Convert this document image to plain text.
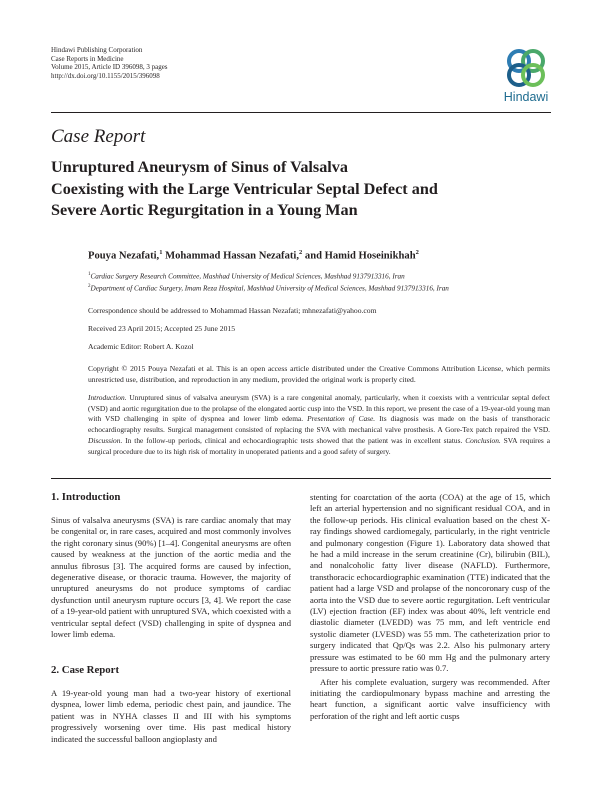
Hindawi Publishing Corporation
Case Reports in Medicine
Volume 2015, Article ID 396098, 3 pages
http://dx.doi.org/10.1155/2015/396098
Hindawi
Case Report
Unruptured Aneurysm of Sinus of Valsalva
Coexisting with the Large Ventricular Septal Defect and
Severe Aortic Regurgitation in a Young Man
Pouya Nezafati,$^1$ Mohammad Hassan Nezafati,$^2$ and Hamid Hoseinikhah$^2$
$^1$Cardiac Surgery Research Committee, Mashhad University of Medical Sciences, Mashhad 9137913316, Iran
$^2$Department of Cardiac Surgery, Imam Reza Hospital, Mashhad University of Medical Sciences, Mashhad 9137913316, Iran
Correspondence should be addressed to Mohammad Hassan Nezafati; mhnezafati@yahoo.com
Received 23 April 2015; Accepted 25 June 2015
Academic Editor: Robert A. Kozol
Copyright © 2015 Pouya Nezafati et al. This is an open access article distributed under the Creative Commons Attribution License, which permits unrestricted use, distribution, and reproduction in any medium, provided the original work is properly cited.
Introduction. Unruptured sinus of valsalva aneurysm (SVA) is a rare congenital anomaly, particularly, when it coexists with a ventricular septal defect (VSD) and aortic regurgitation due to the prolapse of the elongated aortic cusp into the VSD. In this report, we present the case of a 19-year-old young man with VSD challenging in spite of dyspnea and lower limb edema. Presentation of Case. Its diagnosis was made on the basis of transthoracic echocardiography results. Surgical management consisted of replacing the SVA with mechanical valve prosthesis. A Gore-Tex patch repaired the VSD. Discussion. In the follow-up periods, clinical and echocardiographic tests showed that the patient was in excellent status. Conclusion. SVA requires a surgical procedure due to its high risk of mortality in unoperated patients and a good safety of surgery.
1. Introduction

Sinus of valsalva aneurysms (SVA) is rare cardiac anomaly that may be congenital or, in rare cases, acquired and most commonly involves the right coronary sinus (90%) [1–4]. Congenital aneurysms are often caused by weakness at the junction of the aortic media and the annulus fibrosus [3]. The acquired forms are caused by infection, degenerative disease, or thoracic trauma. However, the majority of unruptured aneurysms do not produce symptoms of cardiac dysfunction until aneurysm rupture occurs [3, 4]. We report the case of a 19-year-old patient with unruptured SVA, which coexisted with a ventricular septal defect (VSD) challenging in spite of dyspnea and lower limb edema.

2. Case Report

A 19-year-old young man had a two-year history of exertional dyspnea, lower limb edema, periodic chest pain, and jaundice. The patient was in NYHA classes II and III with his symptoms progressively worsening over time. His past medical history indicated the successful balloon angioplasty and

stenting for coarctation of the aorta (COA) at the age of 15, which left an arterial hypertension and no significant residual COA, and in the follow-up periods. His clinical evaluation based on the chest X-ray findings showed cardiomegaly, particularly, in the right ventricle and pulmonary congestion (Figure 1). Laboratory data showed that he had a mild increase in the serum creatinine (Cr), bilirubin (BIL), and nonalcoholic fatty liver disease (NAFLD). Furthermore, transthoracic echocardiographic examination (TTE) indicated that the patient had a large VSD and prolapse of the noncoronary cusp of the aorta into the VSD due to severe aortic regurgitation. Left ventricular (LV) ejection fraction (EF) index was about 40%, left ventricle end diastolic diameter (LVEDD) was 75 mm, and left ventricle end systolic diameter (LVESD) was 55 mm. The catheterization prior to surgery indicated that Qp/Qs was 2.2. Also his pulmonary artery pressure was estimated to be 60 mm Hg and the pulmonary artery pressure to aortic pressure ratio was 0.7.

After his complete evaluation, surgery was recommended. After initiating the cardiopulmonary bypass machine and arresting the heart function, a significant aortic valve insufficiency with perforation of the right and left aortic cusps
